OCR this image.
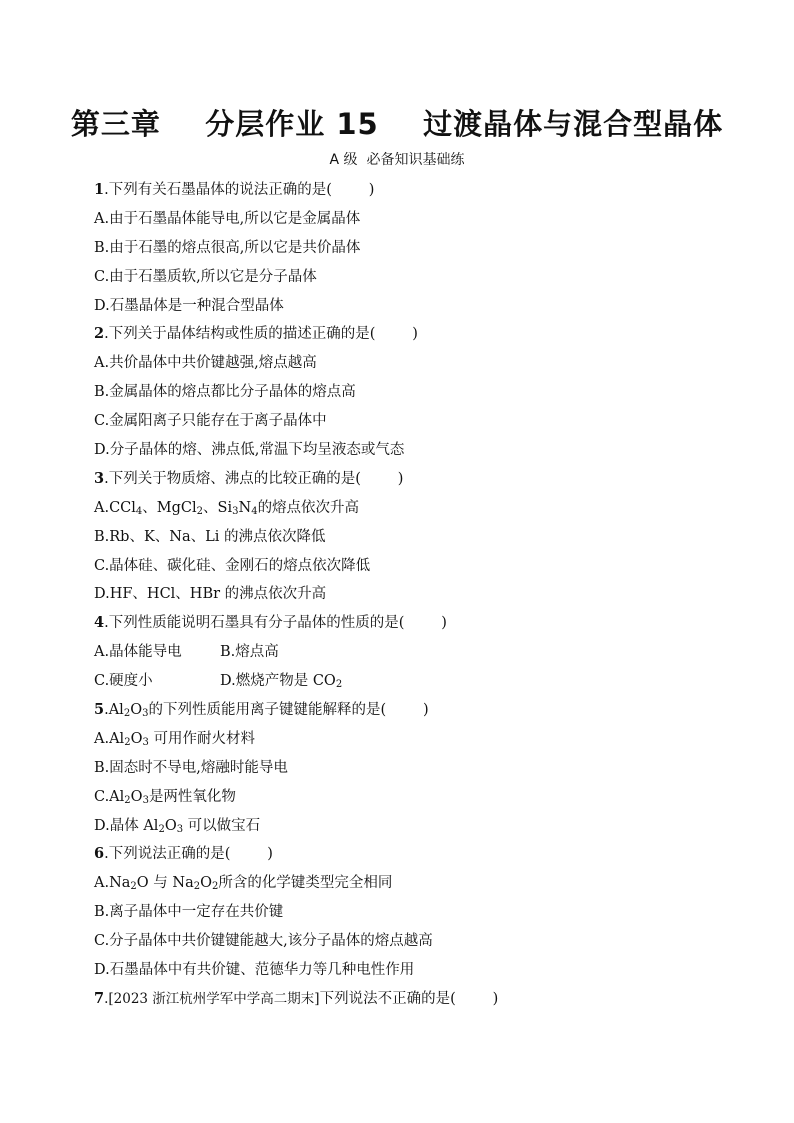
第三章    分层作业 15    过渡晶体与混合型晶体
A 级  必备知识基础练
1.下列有关石墨晶体的说法正确的是(        )
A.由于石墨晶体能导电,所以它是金属晶体
B.由于石墨的熔点很高,所以它是共价晶体
C.由于石墨质软,所以它是分子晶体
D.石墨晶体是一种混合型晶体
2.下列关于晶体结构或性质的描述正确的是(        )
A.共价晶体中共价键越强,熔点越高
B.金属晶体的熔点都比分子晶体的熔点高
C.金属阳离子只能存在于离子晶体中
D.分子晶体的熔、沸点低,常温下均呈液态或气态
3.下列关于物质熔、沸点的比较正确的是(        )
A.CCl$_4$、MgCl$_2$、$Si_3N_4$的熔点依次升高
B.Rb、K、Na、Li 的沸点依次降低
C.晶体硅、碳化硅、金刚石的熔点依次降低
D.HF、HCl、HBr 的沸点依次升高
4.下列性质能说明石墨具有分子晶体的性质的是(        )
A.晶体能导电	B.熔点高
C.硬度小	D.燃烧产物是 $CO_2$
$5.Al_2O_3$的下列性质能用离子键键能解释的是(        )
$A.Al_2O_3$ 可用作耐火材料
B.固态时不导电,熔融时能导电
$C.Al_2O_3$是两性氧化物
D.晶体 $Al_2O_3$ 可以做宝石
6.下列说法正确的是(        )
$A.Na_2O$ 与 $Na_2O_2$所含的化学键类型完全相同
B.离子晶体中一定存在共价键
C.分子晶体中共价键键能越大,该分子晶体的熔点越高
D.石墨晶体中有共价键、范德华力等几种电性作用
7.[2023 浙江杭州学军中学高二期末]下列说法不正确的是(        )
